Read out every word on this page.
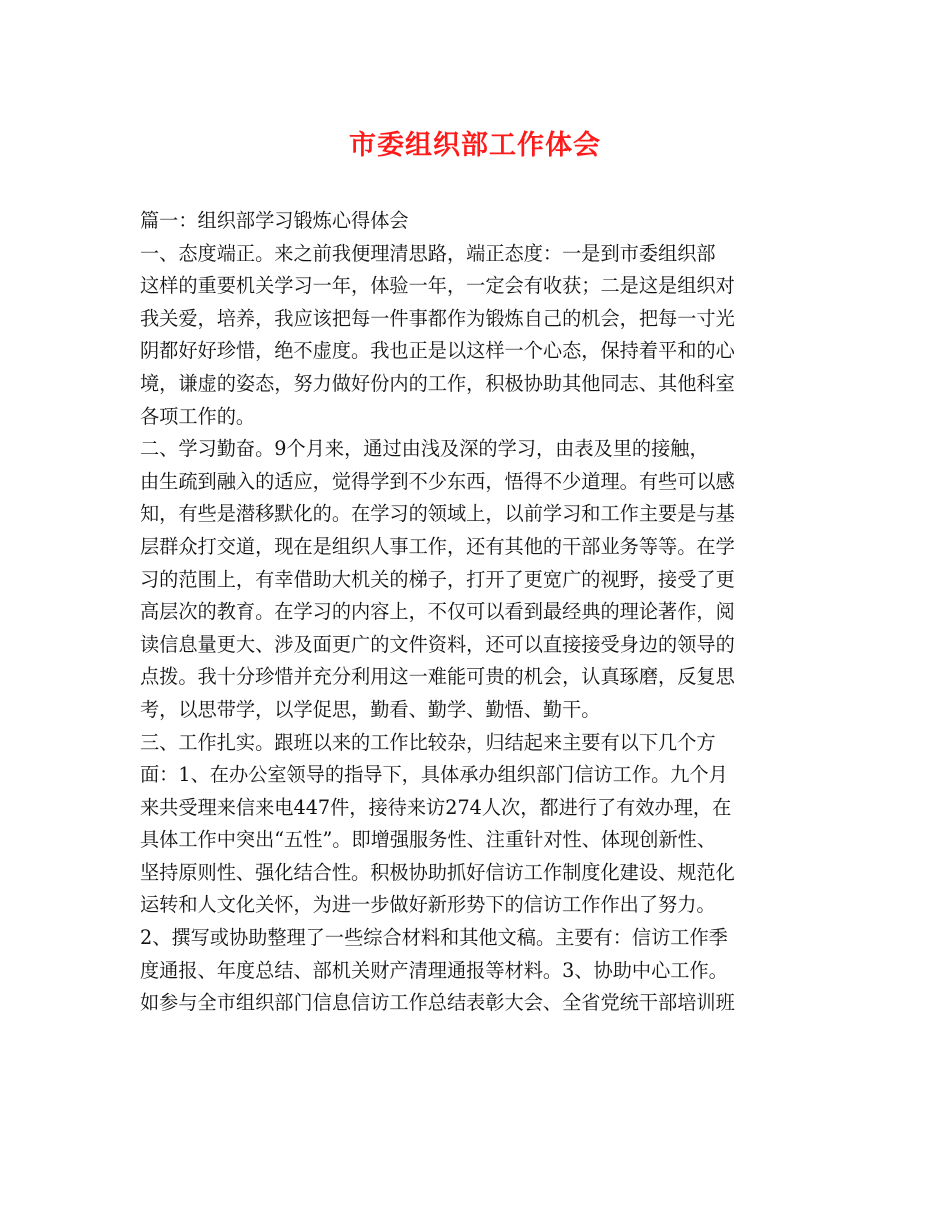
市委组织部工作体会
篇一：组织部学习锻炼心得体会
一、态度端正。来之前我便理清思路，端正态度：一是到市委组织部
这样的重要机关学习一年，体验一年，一定会有收获；二是这是组织对
我关爱，培养，我应该把每一件事都作为锻炼自己的机会，把每一寸光
阴都好好珍惜，绝不虚度。我也正是以这样一个心态，保持着平和的心
境，谦虚的姿态，努力做好份内的工作，积极协助其他同志、其他科室
各项工作的。
二、学习勤奋。9个月来，通过由浅及深的学习，由表及里的接触，
由生疏到融入的适应，觉得学到不少东西，悟得不少道理。有些可以感
知，有些是潜移默化的。在学习的领域上，以前学习和工作主要是与基
层群众打交道，现在是组织人事工作，还有其他的干部业务等等。在学
习的范围上，有幸借助大机关的梯子，打开了更宽广的视野，接受了更
高层次的教育。在学习的内容上，不仅可以看到最经典的理论著作，阅
读信息量更大、涉及面更广的文件资料，还可以直接接受身边的领导的
点拨。我十分珍惜并充分利用这一难能可贵的机会，认真琢磨，反复思
考，以思带学，以学促思，勤看、勤学、勤悟、勤干。
三、工作扎实。跟班以来的工作比较杂，归结起来主要有以下几个方
面：1、在办公室领导的指导下，具体承办组织部门信访工作。九个月
来共受理来信来电447件，接待来访274人次，都进行了有效办理，在
具体工作中突出“五性”。即增强服务性、注重针对性、体现创新性、
坚持原则性、强化结合性。积极协助抓好信访工作制度化建设、规范化
运转和人文化关怀，为进一步做好新形势下的信访工作作出了努力。
2、撰写或协助整理了一些综合材料和其他文稿。主要有：信访工作季
度通报、年度总结、部机关财产清理通报等材料。3、协助中心工作。
如参与全市组织部门信息信访工作总结表彰大会、全省党统干部培训班
